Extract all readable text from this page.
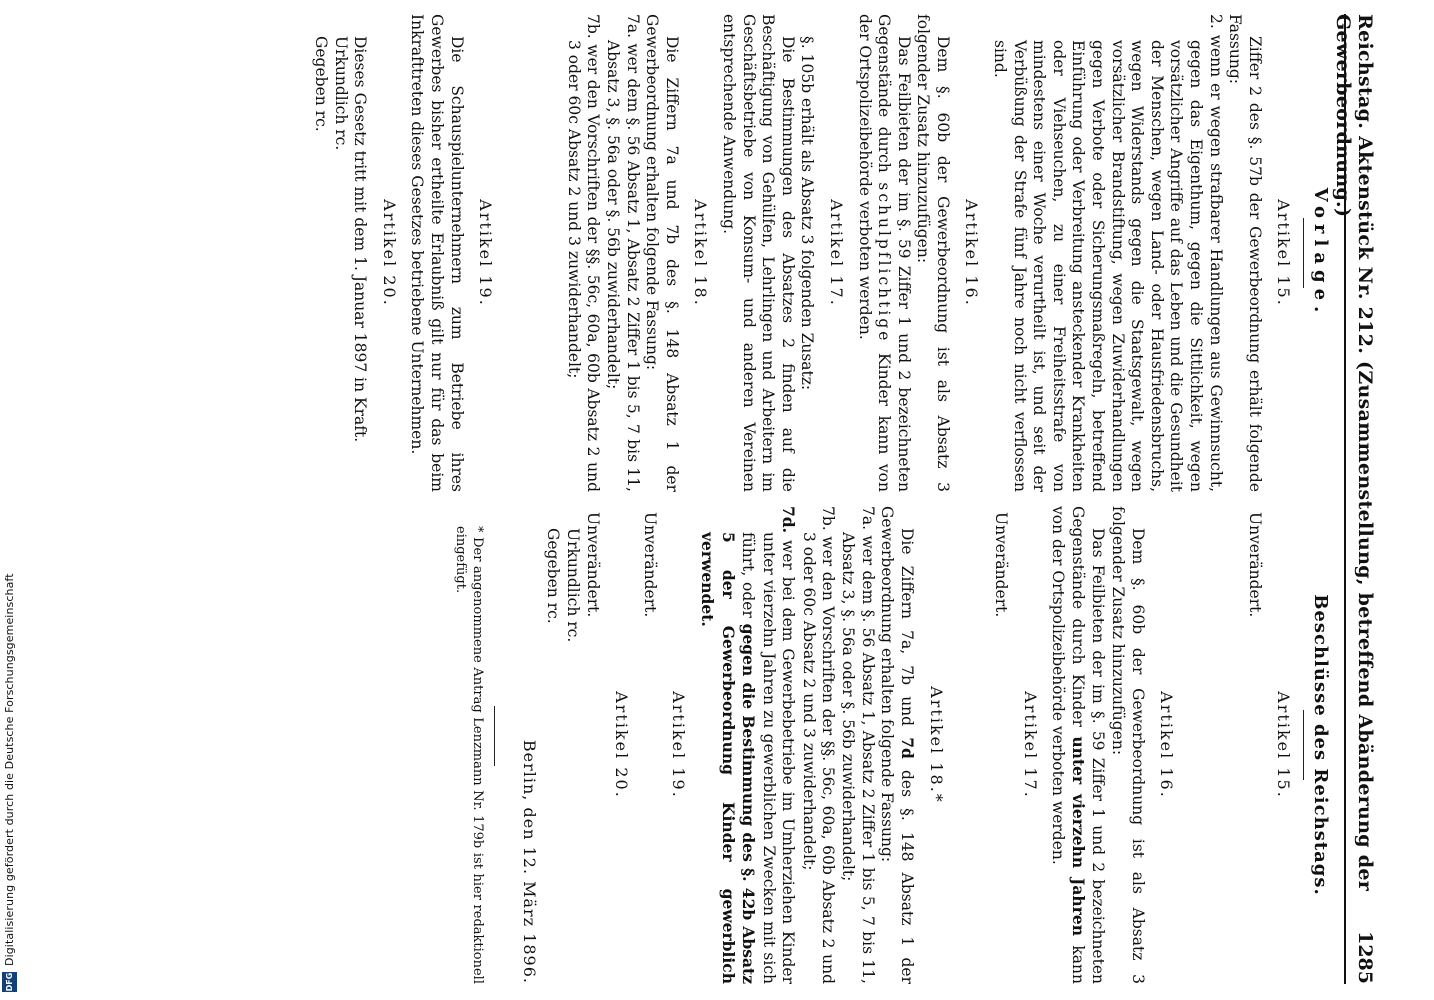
Reichstag. Aktenstück Nr. 212. (Zusammenstellung, betreffend Abänderung der Gewerbeordnung.)
1285
Vorlage.
Artikel 15.

Ziffer 2 des §. 57b der Gewerbeordnung erhält folgende Fassung:

2. wenn er wegen strafbarer Handlungen aus Gewinnsucht, gegen das Eigenthum, gegen die Sittlichkeit, wegen vorsätzlicher Angriffe auf das Leben und die Gesundheit der Menschen, wegen Land- oder Hausfriedensbruchs, wegen Widerstands gegen die Staatsgewalt, wegen vorsätzlicher Brandstiftung, wegen Zuwiderhandlungen gegen Verbote oder Sicherungsmaßregeln, betreffend Einführung oder Verbreitung ansteckender Krankheiten oder Viehseuchen, zu einer Freiheitsstrafe von mindestens einer Woche verurtheilt ist, und seit der Verbüßung der Strafe fünf Jahre noch nicht verflossen sind.

Artikel 16.

Dem §. 60b der Gewerbeordnung ist als Absatz 3 folgender Zusatz hinzuzufügen:

Das Feilbieten der im §. 59 Ziffer 1 und 2 bezeichneten Gegenstände durch schulpflichtige Kinder kann von der Ortspolizeibehörde verboten werden.

Artikel 17.

§. 105b erhält als Absatz 3 folgenden Zusatz:

Die Bestimmungen des Absatzes 2 finden auf die Beschäftigung von Gehülfen, Lehrlingen und Arbeitern im Geschäftsbetriebe von Konsum- und anderen Vereinen entsprechende Anwendung.

Artikel 18.

Die Ziffern 7a und 7b des §. 148 Absatz 1 der Gewerbeordnung erhalten folgende Fassung:

7a. wer dem §. 56 Absatz 1, Absatz 2 Ziffer 1 bis 5, 7 bis 11, Absatz 3, §. 56a oder §. 56b zuwiderhandelt;

7b. wer den Vorschriften der §§. 56c, 60a, 60b Absatz 2 und 3 oder 60c Absatz 2 und 3 zuwiderhandelt;

Artikel 19.

Die Schauspielunternehmern zum Betriebe ihres Gewerbes bisher ertheilte Erlaubniß gilt nur für das beim Inkrafttreten dieses Gesetzes betriebene Unternehmen.

Artikel 20.

Dieses Gesetz tritt mit dem 1. Januar 1897 in Kraft.

Urkundlich rc.

Gegeben rc.

Beschlüsse des Reichstags.
Artikel 15.

Unverändert.

Artikel 16.

Dem §. 60b der Gewerbeordnung ist als Absatz 3 folgender Zusatz hinzuzufügen:

Das Feilbieten der im §. 59 Ziffer 1 und 2 bezeichneten Gegenstände durch Kinder unter vierzehn Jahren kann von der Ortspolizeibehörde verboten werden.

Artikel 17.

Unverändert.

Artikel 18.*

Die Ziffern 7a, 7b und 7d des §. 148 Absatz 1 der Gewerbeordnung erhalten folgende Fassung:

7a. wer dem §. 56 Absatz 1, Absatz 2 Ziffer 1 bis 5, 7 bis 11, Absatz 3, §. 56a oder §. 56b zuwiderhandelt;

7b. wer den Vorschriften der §§. 56c, 60a, 60b Absatz 2 und 3 oder 60c Absatz 2 und 3 zuwiderhandelt;

7d. wer bei dem Gewerbebetriebe im Umherziehen Kinder unter vierzehn Jahren zu gewerblichen Zwecken mit sich führt, oder gegen die Bestimmung des §. 42b Absatz 5 der Gewerbeordnung Kinder gewerblich verwendet.

Artikel 19.

Unverändert.

Artikel 20.

Unverändert.

Urkundlich rc.

Gegeben rc.

Berlin, den 12. März 1896.

* Der angenommene Antrag Lenzmann Nr. 179b ist hier redaktionell eingefügt.

DFG
Digitalisierung gefördert durch die Deutsche Forschungsgemeinschaft
